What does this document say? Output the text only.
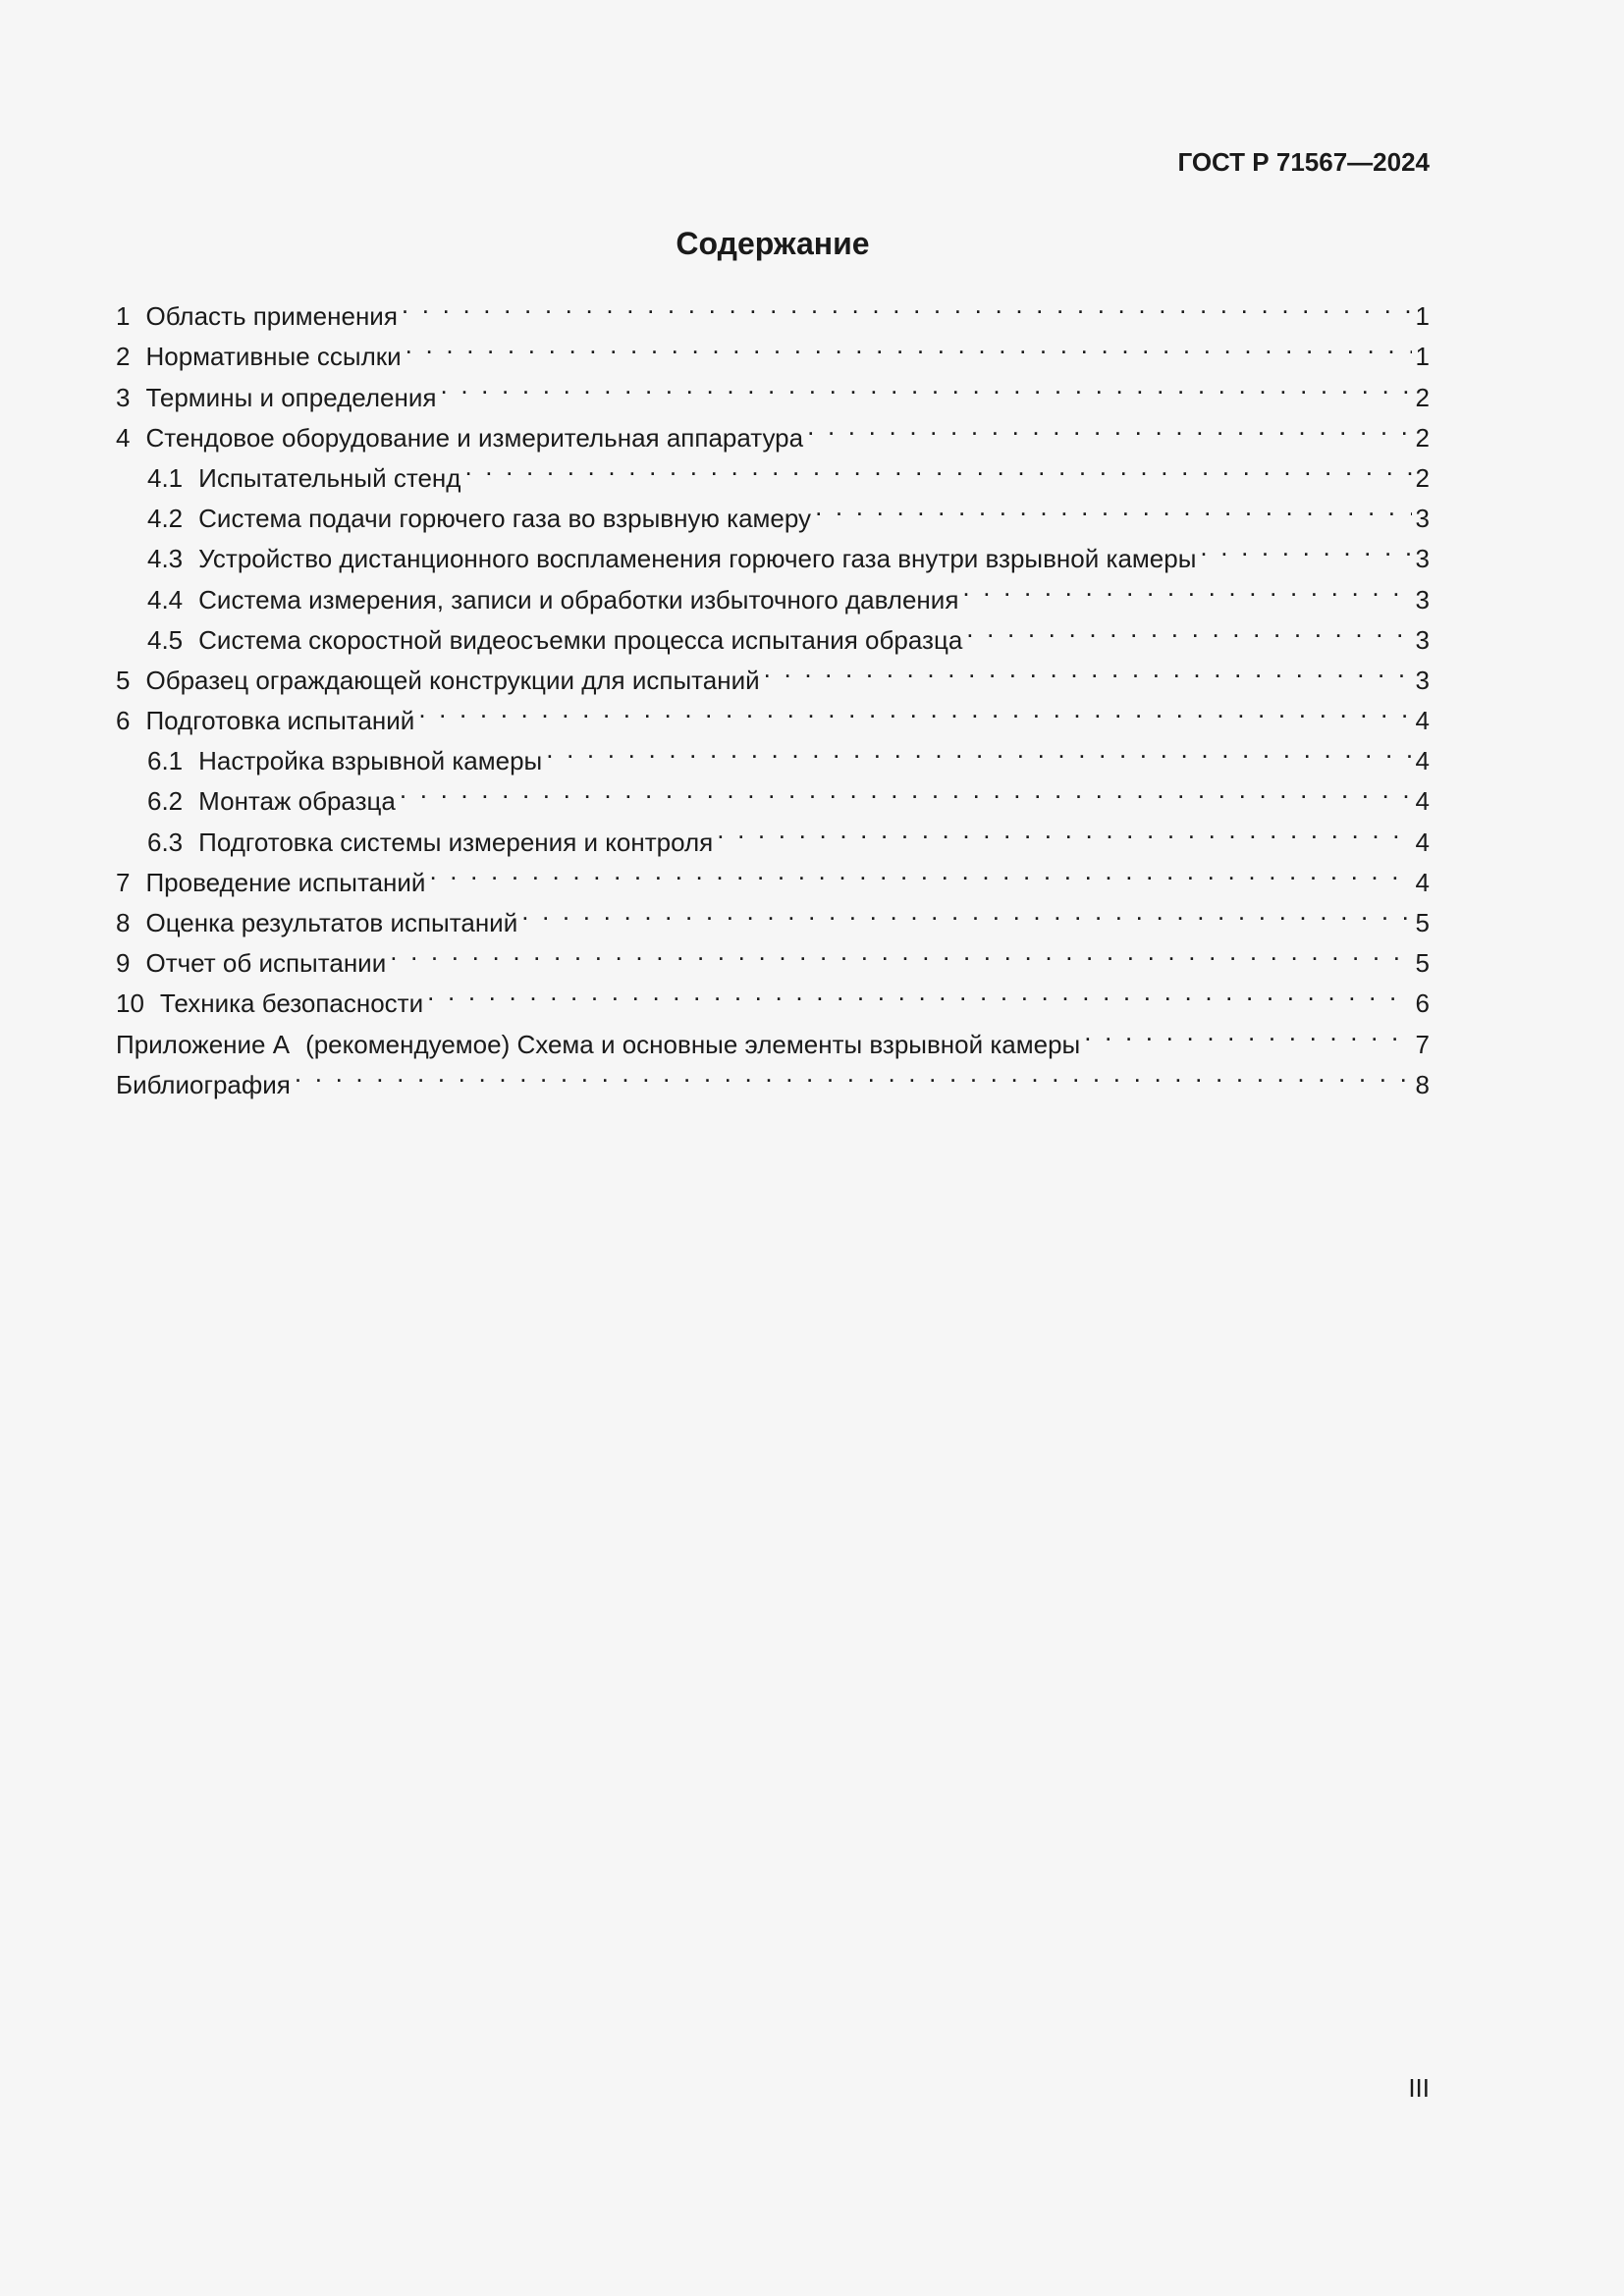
ГОСТ Р 71567—2024
Содержание
1 Область применения . . .	1
2 Нормативные ссылки . . .	1
3 Термины и определения . . .	2
4 Стендовое оборудование и измерительная аппаратура . . .	2
4.1 Испытательный стенд . . .	2
4.2 Система подачи горючего газа во взрывную камеру . . .	3
4.3 Устройство дистанционного воспламенения горючего газа внутри взрывной камеры . . .	3
4.4 Система измерения, записи и обработки избыточного давления . . .	3
4.5 Система скоростной видеосъемки процесса испытания образца . . .	3
5 Образец ограждающей конструкции для испытаний . . .	3
6 Подготовка испытаний . . .	4
6.1 Настройка взрывной камеры . . .	4
6.2 Монтаж образца . . .	4
6.3 Подготовка системы измерения и контроля . . .	4
7 Проведение испытаний . . .	4
8 Оценка результатов испытаний . . .	5
9 Отчет об испытании . . .	5
10 Техника безопасности . . .	6
Приложение А (рекомендуемое) Схема и основные элементы взрывной камеры . . .	7
Библиография . . .	8
III
